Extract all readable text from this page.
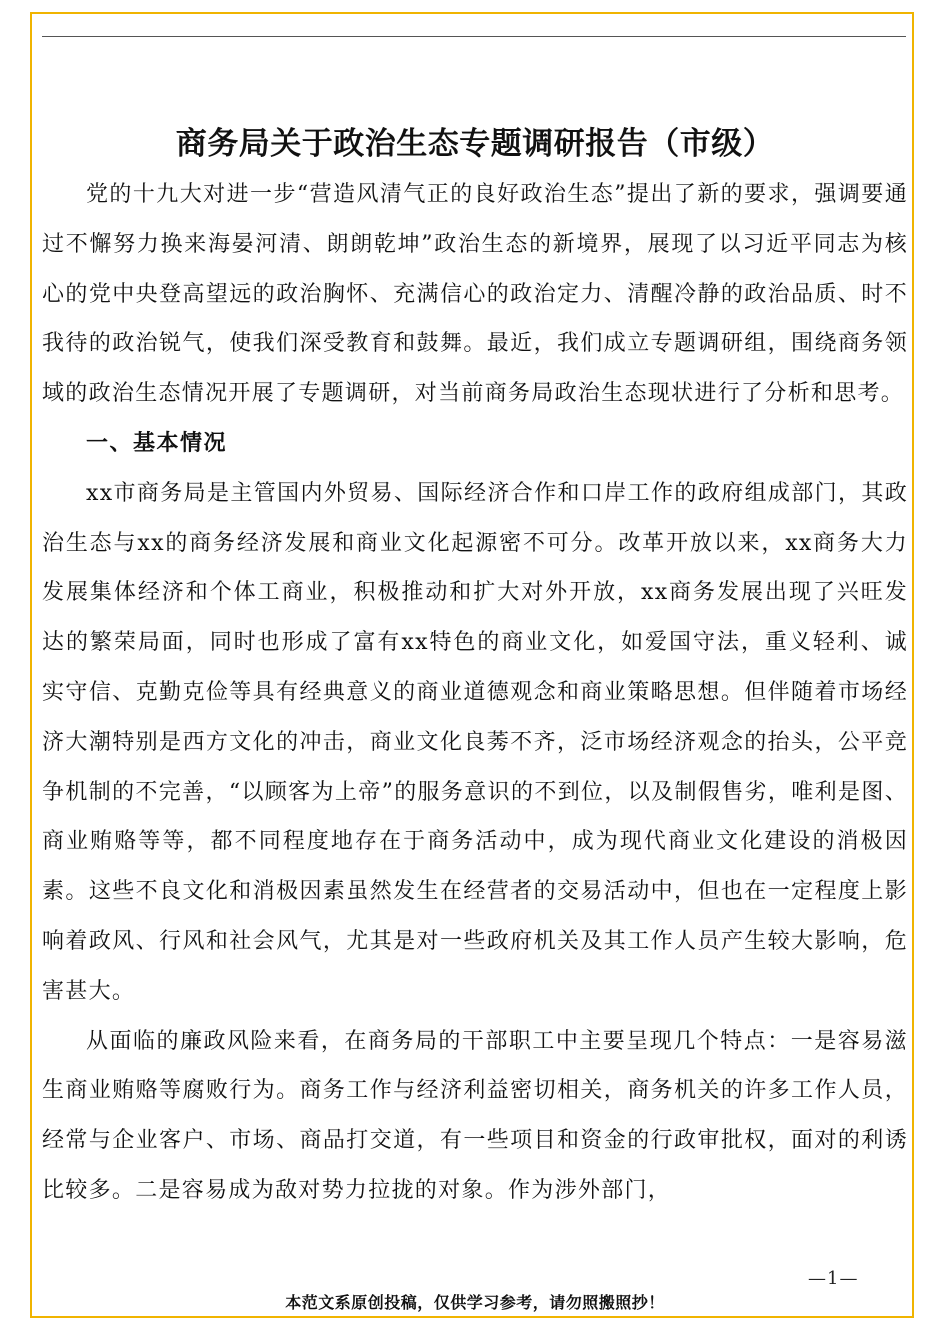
商务局关于政治生态专题调研报告（市级）

党的十九大对进一步“营造风清气正的良好政治生态”提出了新的要求，强调要通过不懈努力换来海晏河清、朗朗乾坤”政治生态的新境界，展现了以习近平同志为核心的党中央登高望远的政治胸怀、充满信心的政治定力、清醒冷静的政治品质、时不我待的政治锐气，使我们深受教育和鼓舞。最近，我们成立专题调研组，围绕商务领域的政治生态情况开展了专题调研，对当前商务局政治生态现状进行了分析和思考。

一、基本情况

xx市商务局是主管国内外贸易、国际经济合作和口岸工作的政府组成部门，其政治生态与xx的商务经济发展和商业文化起源密不可分。改革开放以来，xx商务大力发展集体经济和个体工商业，积极推动和扩大对外开放，xx商务发展出现了兴旺发达的繁荣局面，同时也形成了富有xx特色的商业文化，如爱国守法，重义轻利、诚实守信、克勤克俭等具有经典意义的商业道德观念和商业策略思想。但伴随着市场经济大潮特别是西方文化的冲击，商业文化良莠不齐，泛市场经济观念的抬头，公平竞争机制的不完善，“以顾客为上帝”的服务意识的不到位，以及制假售劣，唯利是图、商业贿赂等等，都不同程度地存在于商务活动中，成为现代商业文化建设的消极因素。这些不良文化和消极因素虽然发生在经营者的交易活动中，但也在一定程度上影响着政风、行风和社会风气，尤其是对一些政府机关及其工作人员产生较大影响，危害甚大。

从面临的廉政风险来看，在商务局的干部职工中主要呈现几个特点：一是容易滋生商业贿赂等腐败行为。商务工作与经济利益密切相关，商务机关的许多工作人员，经常与企业客户、市场、商品打交道，有一些项目和资金的行政审批权，面对的利诱比较多。二是容易成为敌对势力拉拢的对象。作为涉外部门，

—1—
本范文系原创投稿，仅供学习参考，请勿照搬照抄！
